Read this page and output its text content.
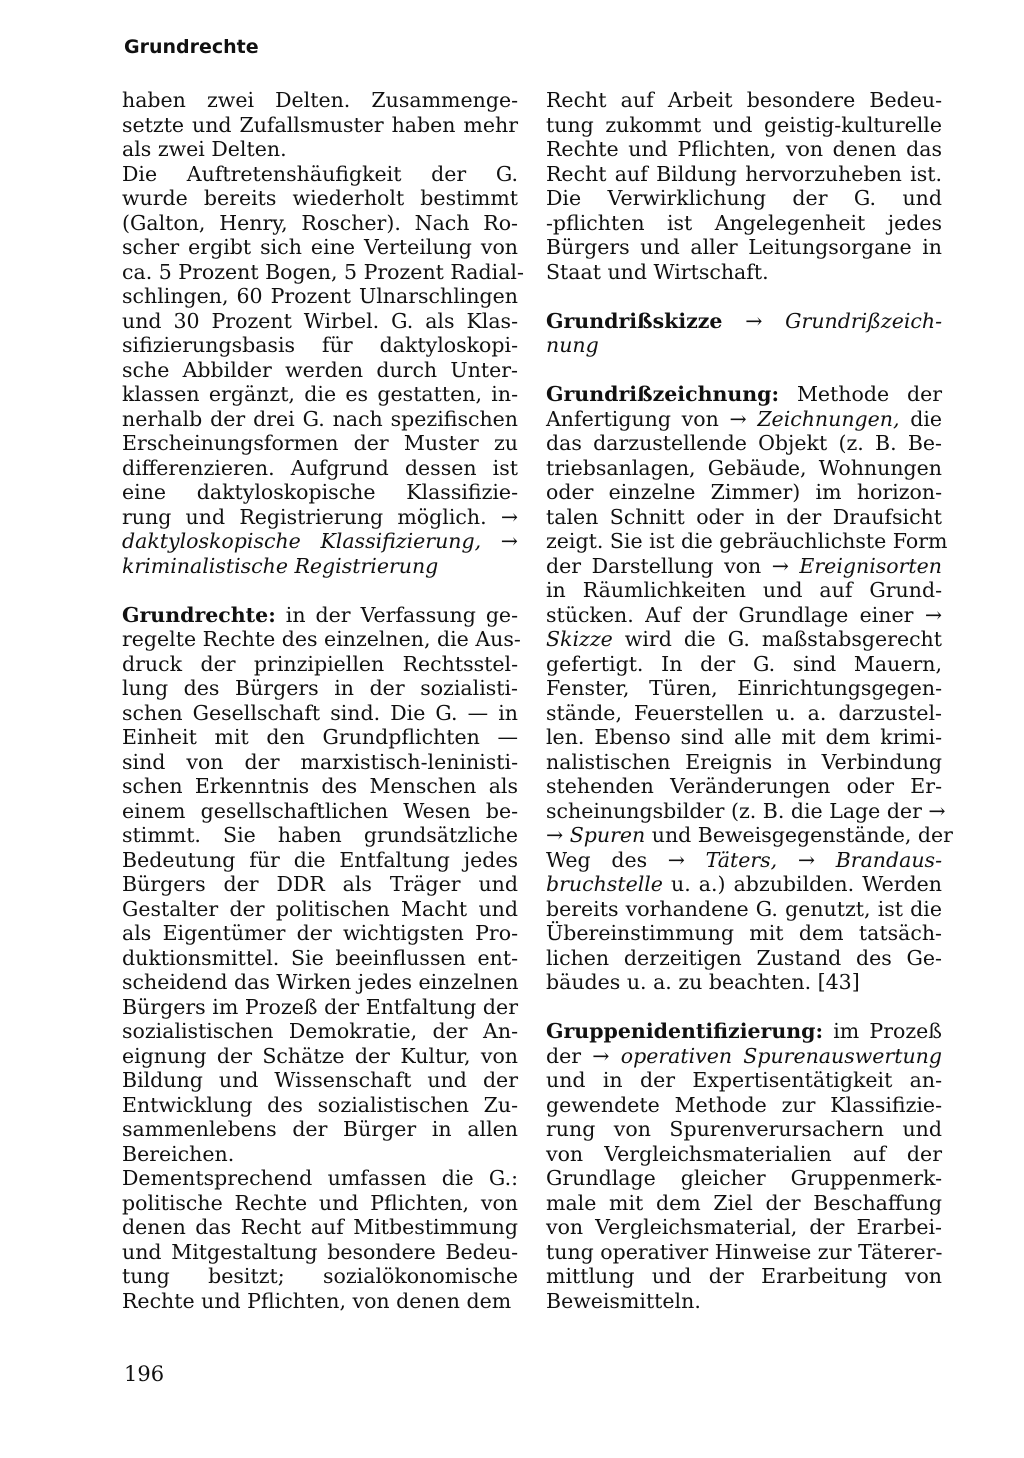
Grundrechte
haben zwei Delten. Zusammenge-
setzte und Zufallsmuster haben mehr
als zwei Delten.
Die Auftretenshäufigkeit der G.
wurde bereits wiederholt bestimmt
(Galton, Henry, Roscher). Nach Ro-
scher ergibt sich eine Verteilung von
ca. 5 Prozent Bogen, 5 Prozent Radial-
schlingen, 60 Prozent Ulnarschlingen
und 30 Prozent Wirbel. G. als Klas-
sifizierungsbasis für daktyloskopi-
sche Abbilder werden durch Unter-
klassen ergänzt, die es gestatten, in-
nerhalb der drei G. nach spezifischen
Erscheinungsformen der Muster zu
differenzieren. Aufgrund dessen ist
eine daktyloskopische Klassifizie-
rung und Registrierung möglich. →
daktyloskopische Klassifizierung, →
kriminalistische Registrierung
Grundrechte: in der Verfassung ge-
regelte Rechte des einzelnen, die Aus-
druck der prinzipiellen Rechtsstel-
lung des Bürgers in der sozialisti-
schen Gesellschaft sind. Die G. — in
Einheit mit den Grundpflichten —
sind von der marxistisch-leninisti-
schen Erkenntnis des Menschen als
einem gesellschaftlichen Wesen be-
stimmt. Sie haben grundsätzliche
Bedeutung für die Entfaltung jedes
Bürgers der DDR als Träger und
Gestalter der politischen Macht und
als Eigentümer der wichtigsten Pro-
duktionsmittel. Sie beeinflussen ent-
scheidend das Wirken jedes einzelnen
Bürgers im Prozeß der Entfaltung der
sozialistischen Demokratie, der An-
eignung der Schätze der Kultur, von
Bildung und Wissenschaft und der
Entwicklung des sozialistischen Zu-
sammenlebens der Bürger in allen
Bereichen.
Dementsprechend umfassen die G.:
politische Rechte und Pflichten, von
denen das Recht auf Mitbestimmung
und Mitgestaltung besondere Bedeu-
tung besitzt; sozialökonomische
Rechte und Pflichten, von denen dem
Recht auf Arbeit besondere Bedeu-
tung zukommt und geistig-kulturelle
Rechte und Pflichten, von denen das
Recht auf Bildung hervorzuheben ist.
Die Verwirklichung der G. und
-pflichten ist Angelegenheit jedes
Bürgers und aller Leitungsorgane in
Staat und Wirtschaft.
Grundrißskizze → Grundrißzeich-
nung
Grundrißzeichnung: Methode der
Anfertigung von → Zeichnungen, die
das darzustellende Objekt (z. B. Be-
triebsanlagen, Gebäude, Wohnungen
oder einzelne Zimmer) im horizon-
talen Schnitt oder in der Draufsicht
zeigt. Sie ist die gebräuchlichste Form
der Darstellung von → Ereignisorten
in Räumlichkeiten und auf Grund-
stücken. Auf der Grundlage einer →
Skizze wird die G. maßstabsgerecht
gefertigt. In der G. sind Mauern,
Fenster, Türen, Einrichtungsgegen-
stände, Feuerstellen u. a. darzustel-
len. Ebenso sind alle mit dem krimi-
nalistischen Ereignis in Verbindung
stehenden Veränderungen oder Er-
scheinungsbilder (z. B. die Lage der →
→ Spuren und Beweisgegenstände, der
Weg des → Täters, → Brandaus-
bruchstelle u. a.) abzubilden. Werden
bereits vorhandene G. genutzt, ist die
Übereinstimmung mit dem tatsäch-
lichen derzeitigen Zustand des Ge-
bäudes u. a. zu beachten. [43]
Gruppenidentifizierung: im Prozeß
der → operativen Spurenauswertung
und in der Expertisentätigkeit an-
gewendete Methode zur Klassifizie-
rung von Spurenverursachern und
von Vergleichsmaterialien auf der
Grundlage gleicher Gruppenmerk-
male mit dem Ziel der Beschaffung
von Vergleichsmaterial, der Erarbei-
tung operativer Hinweise zur Täterer-
mittlung und der Erarbeitung von
Beweismitteln.
196
